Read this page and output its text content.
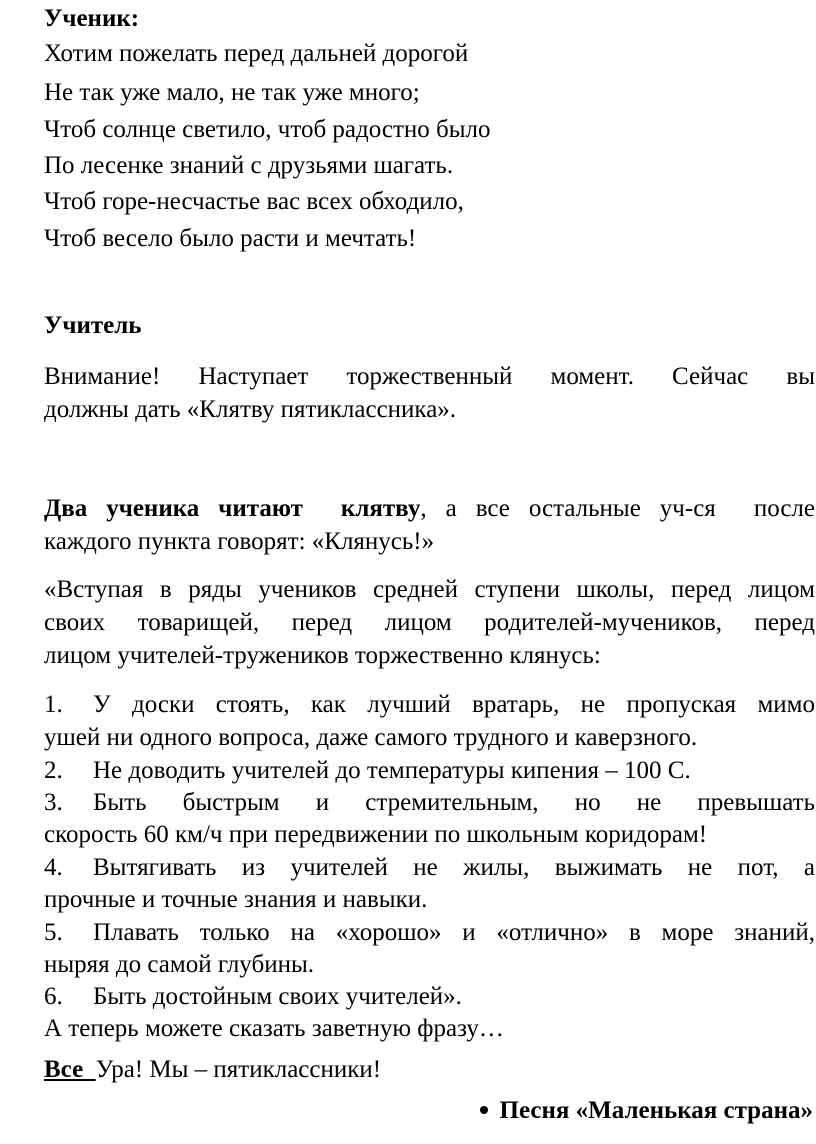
Ученик:
Хотим пожелать перед дальней дорогой
Не так уже мало, не так уже много;
Чтоб солнце светило, чтоб радостно было
По лесенке знаний с друзьями шагать.
Чтоб горе-несчастье вас всех обходило,
Чтоб весело было расти и мечтать!
Учитель
Внимание! Наступает торжественный момент. Сейчас вы
должны дать «Клятву пятиклассника».
Два ученика читают  клятву, а все остальные уч-ся  после
каждого пункта говорят: «Клянусь!»
«Вступая в ряды учеников средней ступени школы, перед лицом
своих товарищей, перед лицом родителей-мучеников, перед
лицом учителей-тружеников торжественно клянусь:
1. У доски стоять, как лучший вратарь, не пропуская мимо
ушей ни одного вопроса, даже самого трудного и каверзного.
2. Не доводить учителей до температуры кипения – 100 С.
3. Быть быстрым и стремительным, но не превышать
скорость 60 км/ч при передвижении по школьным коридорам!
4. Вытягивать из учителей не жилы, выжимать не пот, а
прочные и точные знания и навыки.
5. Плавать только на «хорошо» и «отлично» в море знаний,
ныряя до самой глубины.
6. Быть достойным своих учителей».
А теперь можете сказать заветную фразу…
Все  Ура! Мы – пятиклассники!
Песня «Маленькая страна»
